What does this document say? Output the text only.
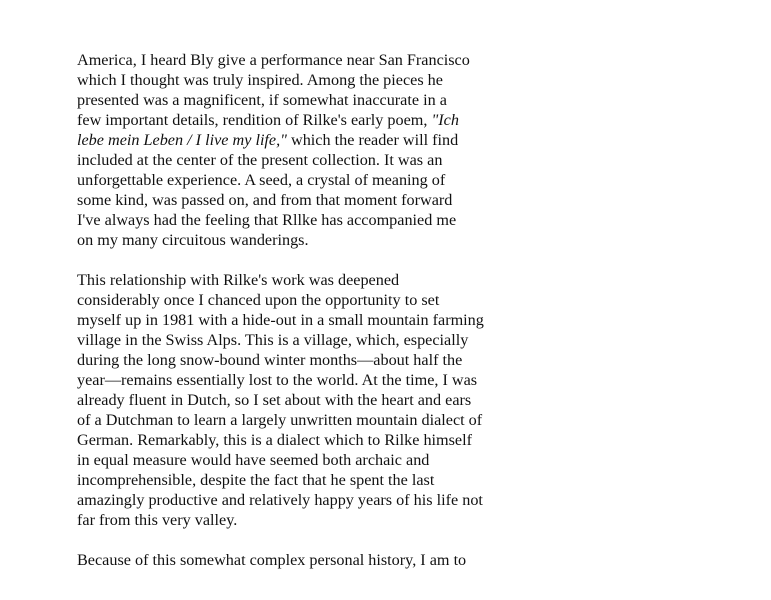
America, I heard Bly give a performance near San Francisco
which I thought was truly inspired. Among the pieces he
presented was a magnificent, if somewhat inaccurate in a
few important details, rendition of Rilke's early poem, "Ich
lebe mein Leben / I live my life," which the reader will find
included at the center of the present collection. It was an
unforgettable experience. A seed, a crystal of meaning of
some kind, was passed on, and from that moment forward
I've always had the feeling that Rllke has accompanied me
on my many circuitous wanderings.

This relationship with Rilke's work was deepened
considerably once I chanced upon the opportunity to set
myself up in 1981 with a hide-out in a small mountain farming
village in the Swiss Alps. This is a village, which, especially
during the long snow-bound winter months—about half the
year—remains essentially lost to the world. At the time, I was
already fluent in Dutch, so I set about with the heart and ears
of a Dutchman to learn a largely unwritten mountain dialect of
German. Remarkably, this is a dialect which to Rilke himself
in equal measure would have seemed both archaic and
incomprehensible, despite the fact that he spent the last
amazingly productive and relatively happy years of his life not
far from this very valley.

Because of this somewhat complex personal history, I am to
